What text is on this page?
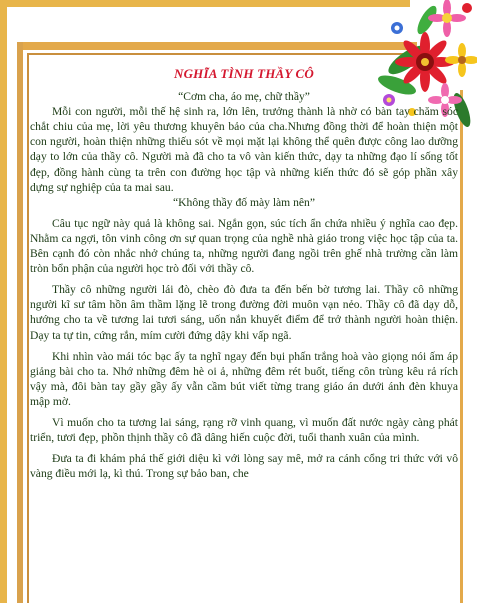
NGHĨA TÌNH THẦY CÔ

“Cơm cha, áo mẹ, chữ thầy”

Mỗi con người, mỗi thế hệ sinh ra, lớn lên, trưởng thành là nhờ có bàn tay chăm sóc chắt chiu của mẹ, lời yêu thương khuyên bảo của cha.Nhưng đồng thời để hoàn thiện một con người, hoàn thiện những thiếu sót về mọi mặt lại không thể quên được công lao dưỡng dạy to lớn của thầy cô. Người mà đã cho ta vô vàn kiến thức, dạy ta những đạo lí sống tốt đẹp, đồng hành cùng ta trên con đường học tập và những kiến thức đó sẽ góp phần xây dựng sự nghiệp của ta mai sau.

“Không thầy đố mày làm nên”

Câu tục ngữ này quả là không sai. Ngắn gọn, súc tích ẩn chứa nhiều ý nghĩa cao đẹp. Nhằm ca ngợi, tôn vinh công ơn sự quan trọng của nghề nhà giáo trong việc học tập của ta. Bên cạnh đó còn nhắc nhở chúng ta, những người đang ngồi trên ghế nhà trường cần làm tròn bổn phận của người học trò đối với thầy cô.

Thầy cô những người lái đò, chèo đò đưa ta đến bến bờ tương lai. Thầy cô những người kĩ sư tâm hồn âm thầm lặng lẽ trong đường đời muôn vạn nẻo. Thầy cô đã dạy dỗ, hướng cho ta về tương lai tươi sáng, uốn nắn khuyết điểm để trở thành người hoàn thiện. Dạy ta tự tin, cứng rắn, mím cười đứng dậy khi vấp ngã.

Khi nhìn vào mái tóc bạc ấy ta nghĩ ngay đến bụi phấn trắng hoà vào giọng nói ấm áp giảng bài cho ta. Nhớ những đêm hè oi ả, những đêm rét buốt, tiếng côn trùng kêu rả rích vậy mà, đôi bàn tay gầy gầy ấy vẫn cầm bút viết từng trang giáo án dưới ánh đèn khuya mập mờ.

Vì muốn cho ta tương lai sáng, rạng rỡ vinh quang, vì muốn đất nước ngày càng phát triển, tươi đẹp, phồn thịnh thầy cô đã dâng hiến cuộc đời, tuổi thanh xuân của mình.

Đưa ta đi khám phá thế giới diệu kì với lòng say mê, mở ra cánh cổng tri thức với vô vàng điều mới lạ, kì thú. Trong sự bảo ban, che
